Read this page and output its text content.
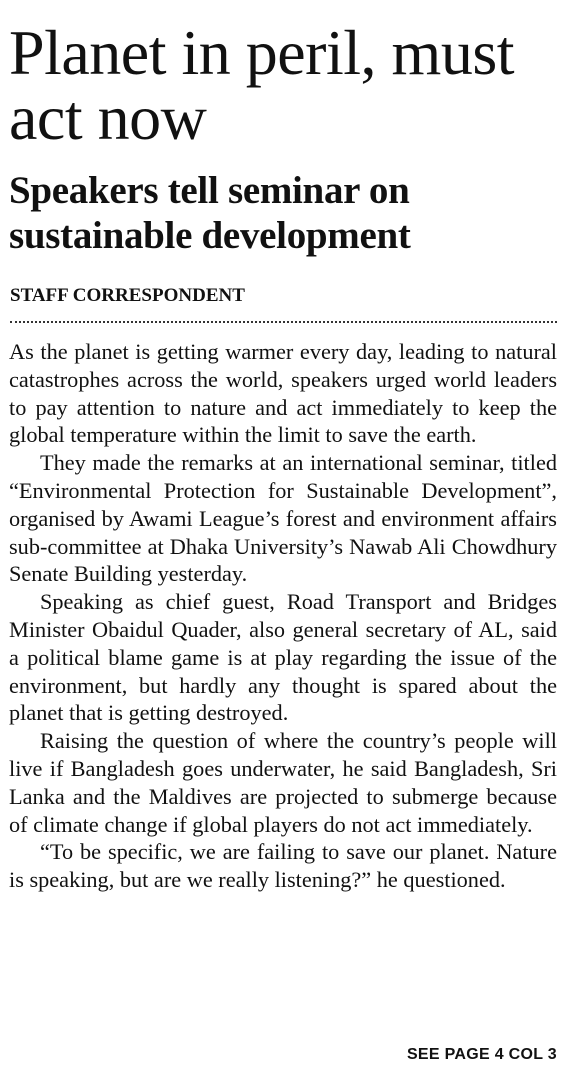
Planet in peril, must act now
Speakers tell seminar on sustainable development
STAFF CORRESPONDENT

As the planet is getting warmer every day, leading to natural catastrophes across the world, speakers urged world leaders to pay attention to nature and act immediately to keep the global temperature within the limit to save the earth.

They made the remarks at an international seminar, titled “Environmental Protection for Sustainable Development”, organised by Awami League’s forest and environment affairs sub-committee at Dhaka University’s Nawab Ali Chowdhury Senate Building yesterday.

Speaking as chief guest, Road Transport and Bridges Minister Obaidul Quader, also general secretary of AL, said a political blame game is at play regarding the issue of the environment, but hardly any thought is spared about the planet that is getting destroyed.

Raising the question of where the country’s people will live if Bangladesh goes underwater, he said Bangladesh, Sri Lanka and the Maldives are projected to submerge because of climate change if global players do not act immediately.

“To be specific, we are failing to save our planet. Nature is speaking, but are we really listening?” he questioned.

SEE PAGE 4 COL 3
